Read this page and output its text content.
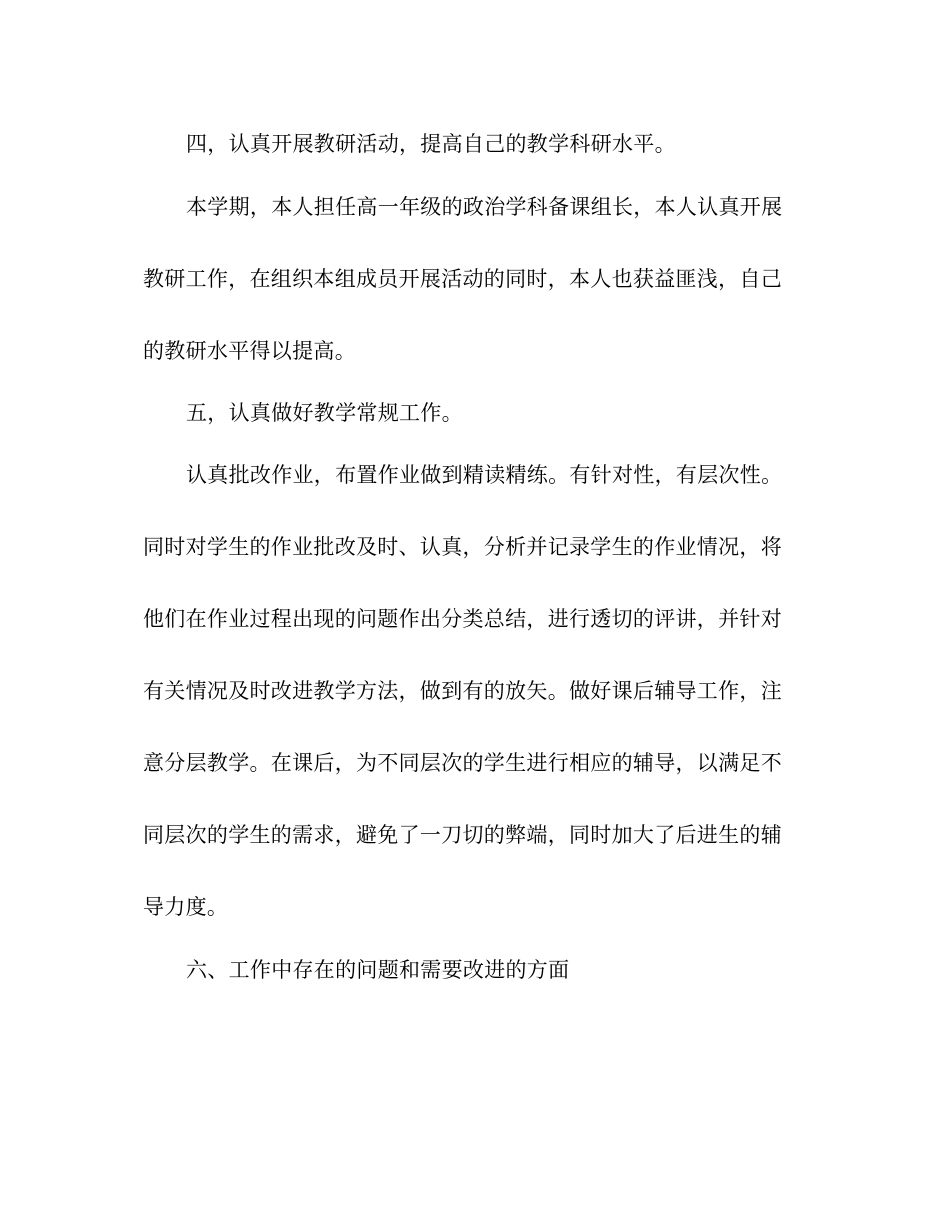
四，认真开展教研活动，提高自己的教学科研水平。
本学期，本人担任高一年级的政治学科备课组长，本人认真开展
教研工作，在组织本组成员开展活动的同时，本人也获益匪浅，自己
的教研水平得以提高。
五，认真做好教学常规工作。
认真批改作业，布置作业做到精读精练。有针对性，有层次性。
同时对学生的作业批改及时、认真，分析并记录学生的作业情况，将
他们在作业过程出现的问题作出分类总结，进行透切的评讲，并针对
有关情况及时改进教学方法，做到有的放矢。做好课后辅导工作，注
意分层教学。在课后，为不同层次的学生进行相应的辅导，以满足不
同层次的学生的需求，避免了一刀切的弊端，同时加大了后进生的辅
导力度。
六、工作中存在的问题和需要改进的方面
